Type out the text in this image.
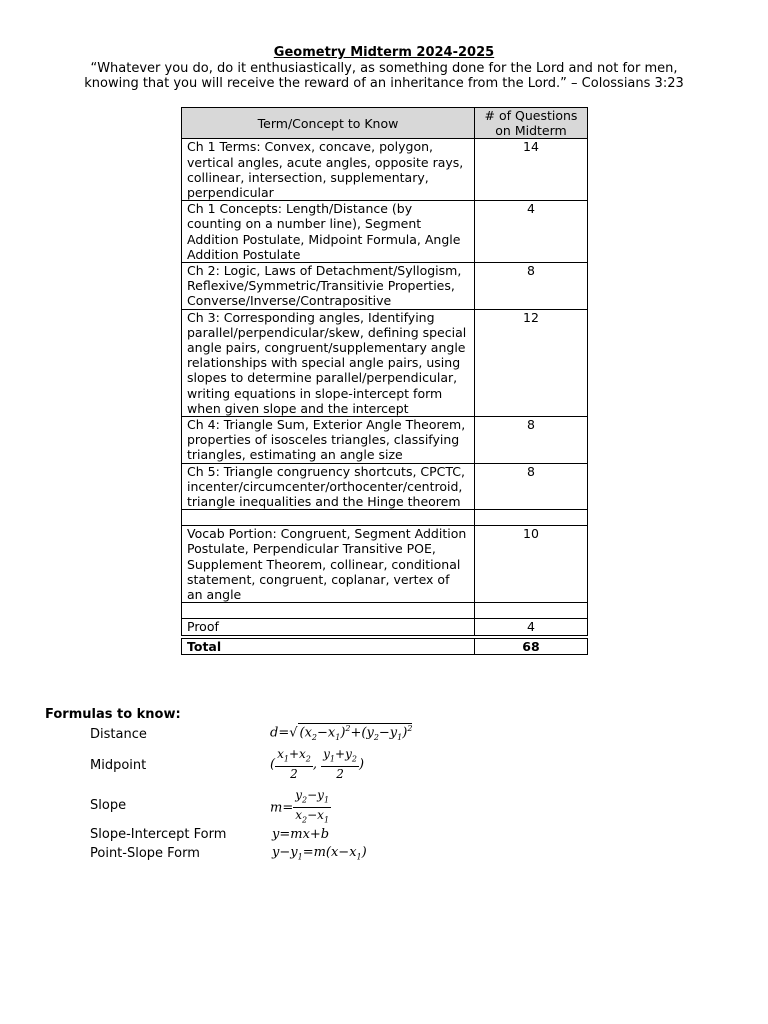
Geometry Midterm 2024-2025
“Whatever you do, do it enthusiastically, as something done for the Lord and not for men,
knowing that you will receive the reward of an inheritance from the Lord.” – Colossians 3:23
Term/Concept to Know	# of Questions
on Midterm

Ch 1 Terms: Convex, concave, polygon, vertical angles, acute angles, opposite rays, collinear, intersection, supplementary, perpendicular	14
Ch 1 Concepts: Length/Distance (by counting on a number line), Segment Addition Postulate, Midpoint Formula, Angle Addition Postulate	4
Ch 2: Logic, Laws of Detachment/Syllogism, Reflexive/Symmetric/Transitivie Properties, Converse/Inverse/Contrapositive	8
Ch 3: Corresponding angles, Identifying parallel/perpendicular/skew, defining special angle pairs, congruent/supplementary angle relationships with special angle pairs, using slopes to determine parallel/perpendicular, writing equations in slope-intercept form when given slope and the intercept	12
Ch 4: Triangle Sum, Exterior Angle Theorem, properties of isosceles triangles, classifying triangles, estimating an angle size	8
Ch 5: Triangle congruency shortcuts, CPCTC, incenter/circumcenter/orthocenter/centroid, triangle inequalities and the Hinge theorem	8

Vocab Portion: Congruent, Segment Addition Postulate, Perpendicular Transitive POE, Supplement Theorem, collinear, conditional statement, congruent, coplanar, vertex of an angle	10

Proof	4
Total	68
Formulas to know:
Distance	d=√ $(x_2-x_1)^2+(y_2-y_1)^2$
Midpoint	( $\frac{x_1+x_2}{2}$ , $\frac{y_1+y_2}{2}$ )
Slope	$m= \frac{y_2-y_1}{x_2-x_1}$
Slope-Intercept Form	y=mx+b
Point-Slope Form	$y-y_1=m(x-x_1)$
